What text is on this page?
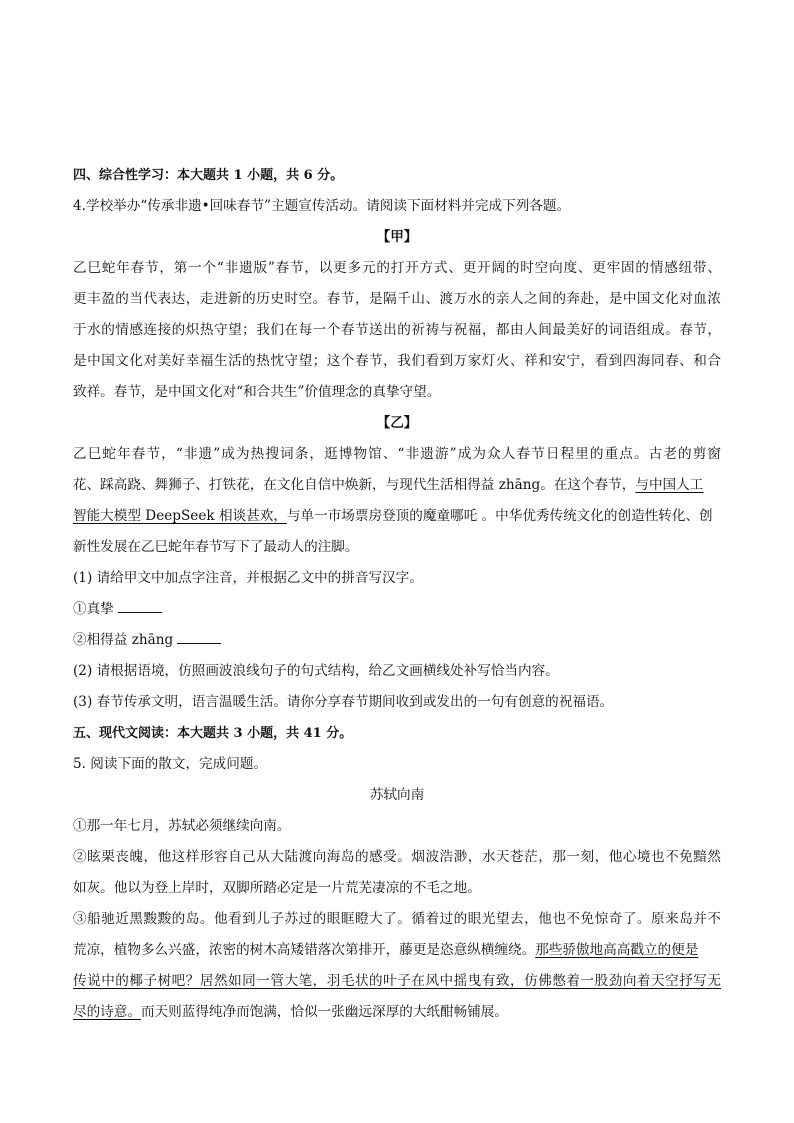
四、综合性学习：本大题共 1 小题，共 6 分。
4.学校举办“传承非遗•回味春节”主题宣传活动。请阅读下面材料并完成下列各题。
【甲】
乙巳蛇年春节，第一个“非遗版”春节，以更多元的打开方式、更开阔的时空向度、更牢固的情感纽带、
更丰盈的当代表达，走进新的历史时空。春节，是隔千山、渡万水的亲人之间的奔赴，是中国文化对血浓
于水的情感连接的炽热守望；我们在每一个春节送出的祈祷与祝福，都由人间最美好的词语组成。春节，
是中国文化对美好幸福生活的热忱守望；这个春节，我们看到万家灯火、祥和安宁，看到四海同春、和合
致祥。春节，是中国文化对“和合共生”价值理念的真挚守望。
【乙】
乙巳蛇年春节，“非遗”成为热搜词条，逛博物馆、“非遗游”成为众人春节日程里的重点。古老的剪窗
花、踩高跷、舞狮子、打铁花，在文化自信中焕新，与现代生活相得益 zhāng。在这个春节，与中国人工
智能大模型 DeepSeek 相谈甚欢，与单一市场票房登顶的魔童哪吒 。中华优秀传统文化的创造性转化、创
新性发展在乙巳蛇年春节写下了最动人的注脚。
(1) 请给甲文中加点字注音，并根据乙文中的拼音写汉字。
①真挚
②相得益 zhāng
(2) 请根据语境，仿照画波浪线句子的句式结构，给乙文画横线处补写恰当内容。
(3) 春节传承文明，语言温暖生活。请你分享春节期间收到或发出的一句有创意的祝福语。
五、现代文阅读：本大题共 3 小题，共 41 分。
5. 阅读下面的散文，完成问题。
苏轼向南
①那一年七月，苏轼必须继续向南。
②眩栗丧魄，他这样形容自己从大陆渡向海岛的感受。烟波浩渺，水天苍茫，那一刻，他心境也不免黯然
如灰。他以为登上岸时，双脚所踏必定是一片荒芜凄凉的不毛之地。
③船驰近黑黢黢的岛。他看到儿子苏过的眼眶瞪大了。循着过的眼光望去，他也不免惊奇了。原来岛并不
荒凉，植物多么兴盛，浓密的树木高矮错落次第排开，藤更是恣意纵横缠绕。那些骄傲地高高戳立的便是
传说中的椰子树吧？居然如同一管大笔，羽毛状的叶子在风中摇曳有致，仿佛憋着一股劲向着天空抒写无
尽的诗意。而天则蓝得纯净而饱满，恰似一张幽远深厚的大纸酣畅铺展。
